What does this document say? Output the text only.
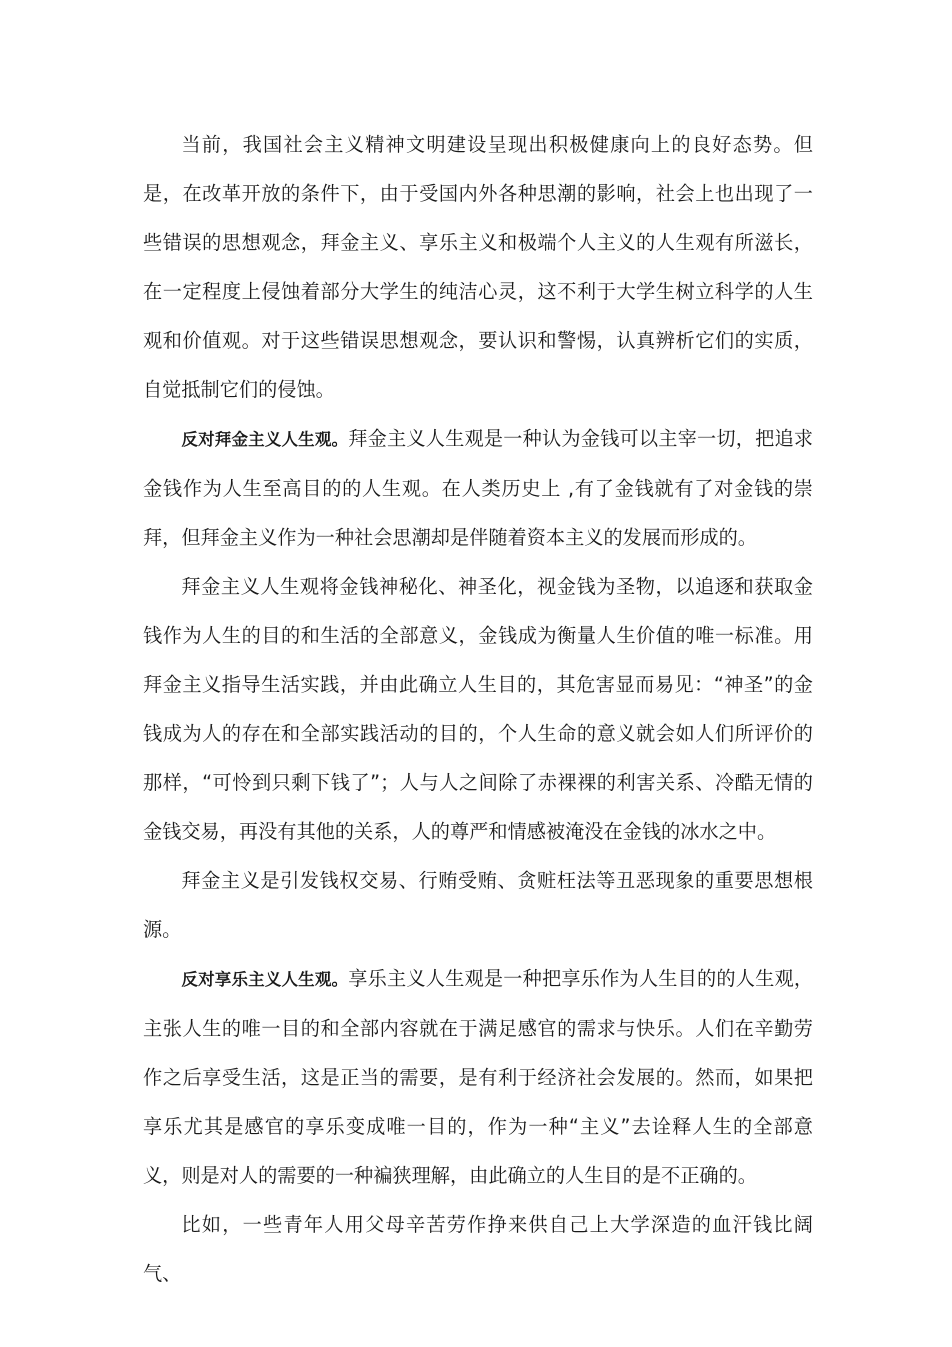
当前，我国社会主义精神文明建设呈现出积极健康向上的良好态势。但是，在改革开放的条件下，由于受国内外各种思潮的影响，社会上也出现了一些错误的思想观念，拜金主义、享乐主义和极端个人主义的人生观有所滋长，在一定程度上侵蚀着部分大学生的纯洁心灵，这不利于大学生树立科学的人生观和价值观。对于这些错误思想观念，要认识和警惕，认真辨析它们的实质，自觉抵制它们的侵蚀。

反对拜金主义人生观。拜金主义人生观是一种认为金钱可以主宰一切，把追求金钱作为人生至高目的的人生观。在人类历史上 ,有了金钱就有了对金钱的崇拜，但拜金主义作为一种社会思潮却是伴随着资本主义的发展而形成的。

拜金主义人生观将金钱神秘化、神圣化，视金钱为圣物，以追逐和获取金钱作为人生的目的和生活的全部意义，金钱成为衡量人生价值的唯一标准。用拜金主义指导生活实践，并由此确立人生目的，其危害显而易见：“神圣”的金钱成为人的存在和全部实践活动的目的，个人生命的意义就会如人们所评价的那样，“可怜到只剩下钱了”；人与人之间除了赤裸裸的利害关系、冷酷无情的金钱交易，再没有其他的关系，人的尊严和情感被淹没在金钱的冰水之中。

拜金主义是引发钱权交易、行贿受贿、贪赃枉法等丑恶现象的重要思想根源。

反对享乐主义人生观。享乐主义人生观是一种把享乐作为人生目的的人生观，主张人生的唯一目的和全部内容就在于满足感官的需求与快乐。人们在辛勤劳作之后享受生活，这是正当的需要，是有利于经济社会发展的。然而，如果把享乐尤其是感官的享乐变成唯一目的，作为一种“主义”去诠释人生的全部意义，则是对人的需要的一种褊狭理解，由此确立的人生目的是不正确的。

比如，一些青年人用父母辛苦劳作挣来供自己上大学深造的血汗钱比阔气、
